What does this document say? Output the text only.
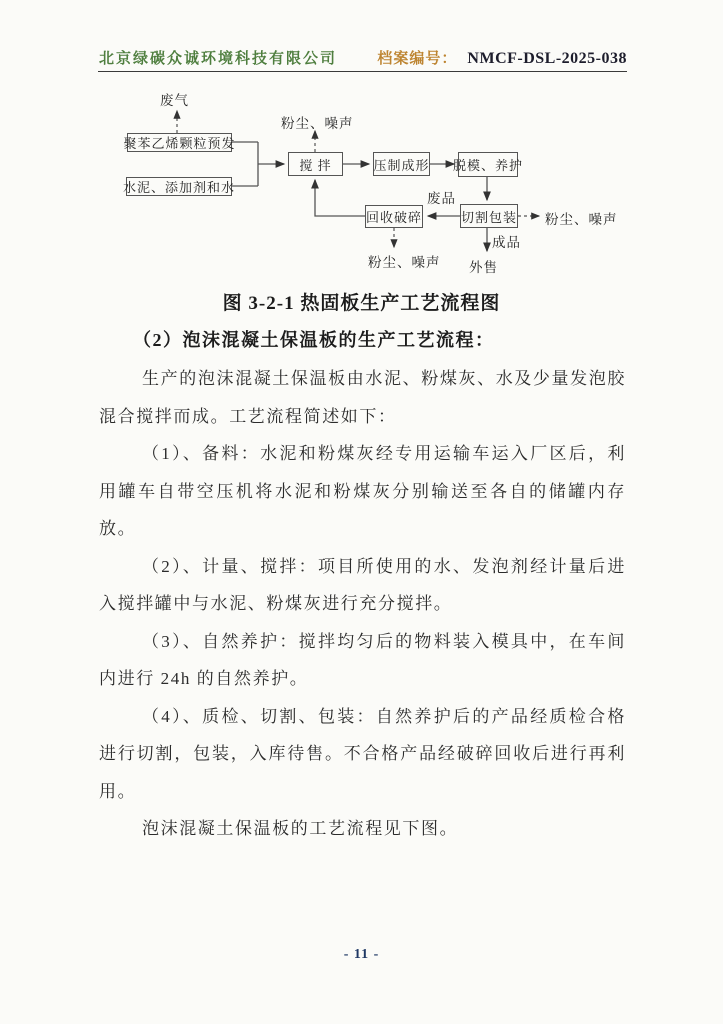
北京绿碳众诚环境科技有限公司	档案编号： NMCF-DSL-2025-038
废气
聚苯乙烯颗粒预发
水泥、添加剂和水
粉尘、噪声
搅 拌	压制成形 脱模、养护
废品
切割包装
回收破碎	粉尘、噪声
粉尘、噪声
成品
外售
图 3-2-1 热固板生产工艺流程图
（2）泡沫混凝土保温板的生产工艺流程：

生产的泡沫混凝土保温板由水泥、粉煤灰、水及少量发泡胶混合搅拌而成。工艺流程简述如下：

（1）、备料：水泥和粉煤灰经专用运输车运入厂区后，利用罐车自带空压机将水泥和粉煤灰分别输送至各自的储罐内存放。

（2）、计量、搅拌：项目所使用的水、发泡剂经计量后进入搅拌罐中与水泥、粉煤灰进行充分搅拌。

（3）、自然养护：搅拌均匀后的物料装入模具中，在车间内进行 24h 的自然养护。

（4）、质检、切割、包装：自然养护后的产品经质检合格进行切割，包装，入库待售。不合格产品经破碎回收后进行再利用。

泡沫混凝土保温板的工艺流程见下图。

- 11 -
